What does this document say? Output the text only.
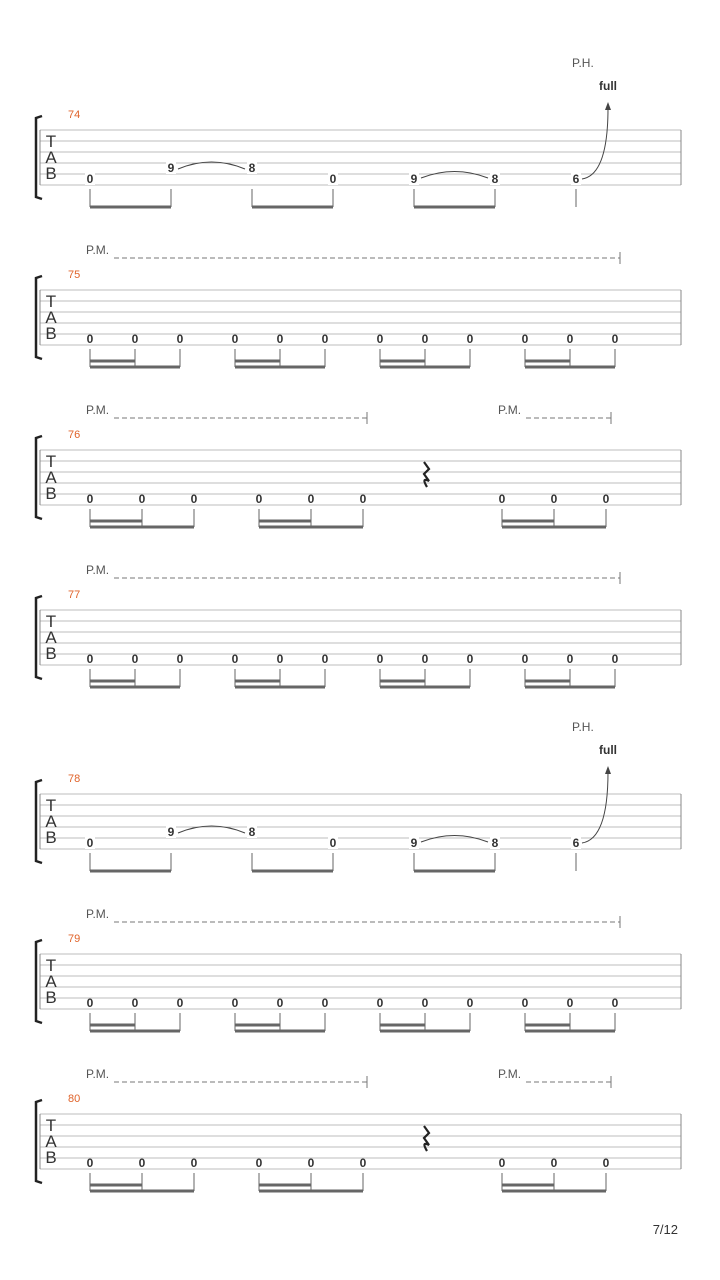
T
A
B
74
0
9	8
0	9	8	6
full
P.H.
T
A
B
75
0	0	0	0	0	0	0	0	0	0	0	0
P.M.
T
A
B
76
0	0	0	0	0	0	0	0	0
P.M.	P.M.
T
A
B
77
0	0	0	0	0	0	0	0	0	0	0	0
P.M.
T
A
B
78
0
9	8
0	9	8	6
full
P.H.
T
A
B
79
0	0	0	0	0	0	0	0	0	0	0	0
P.M.
T
A
B
80
0	0	0	0	0	0	0	0	0
P.M.	P.M.
7/12
